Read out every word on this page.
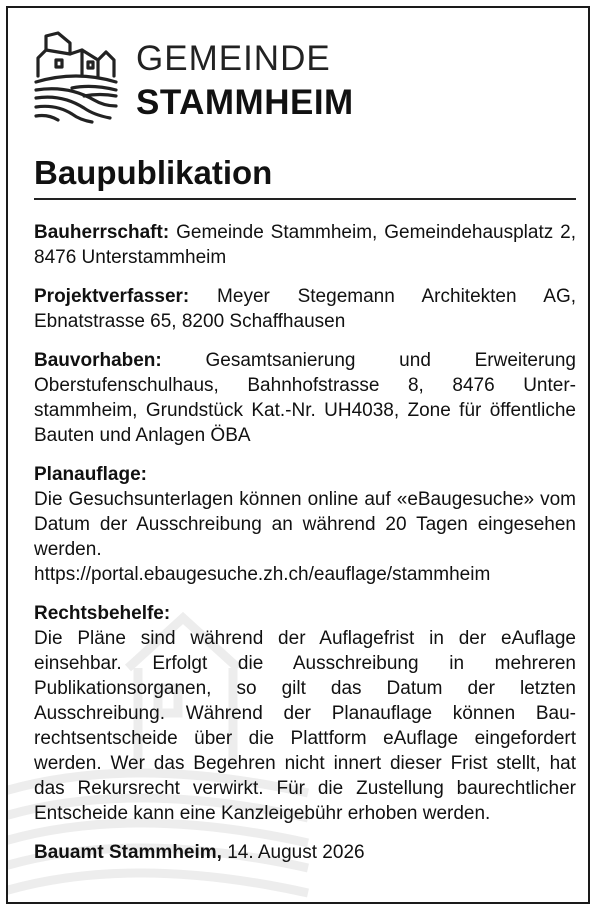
GEMEINDE
STAMMHEIM
Baupublikation

Bauherrschaft: Gemeinde Stammheim, Gemeindehausplatz 2, 8476 Unterstammheim

Projektverfasser: Meyer Stegemann Architekten AG, Ebnatstrasse 65, 8200 Schaffhausen

Bauvorhaben: Gesamtsanierung und Erweiterung Oberstufenschulhaus, Bahnhofstrasse 8, 8476 Unterstammheim, Grundstück Kat.-Nr. UH4038, Zone für öffentliche Bauten und Anlagen ÖBA

Planauflage:
Die Gesuchsunterlagen können online auf «eBaugesuche» vom Datum der Ausschreibung an während 20 Tagen eingesehen werden.
https://portal.ebaugesuche.zh.ch/eauflage/stammheim

Rechtsbehelfe:
Die Pläne sind während der Auflagefrist in der eAuflage einsehbar. Erfolgt die Ausschreibung in mehreren Publikationsorganen, so gilt das Datum der letzten Ausschreibung. Während der Planauflage können Baurechtsentscheide über die Plattform eAuflage eingefordert werden. Wer das Begehren nicht innert dieser Frist stellt, hat das Rekursrecht verwirkt. Für die Zustellung baurechtlicher Entscheide kann eine Kanzleigebühr erhoben werden.

Bauamt Stammheim, 14. August 2026
